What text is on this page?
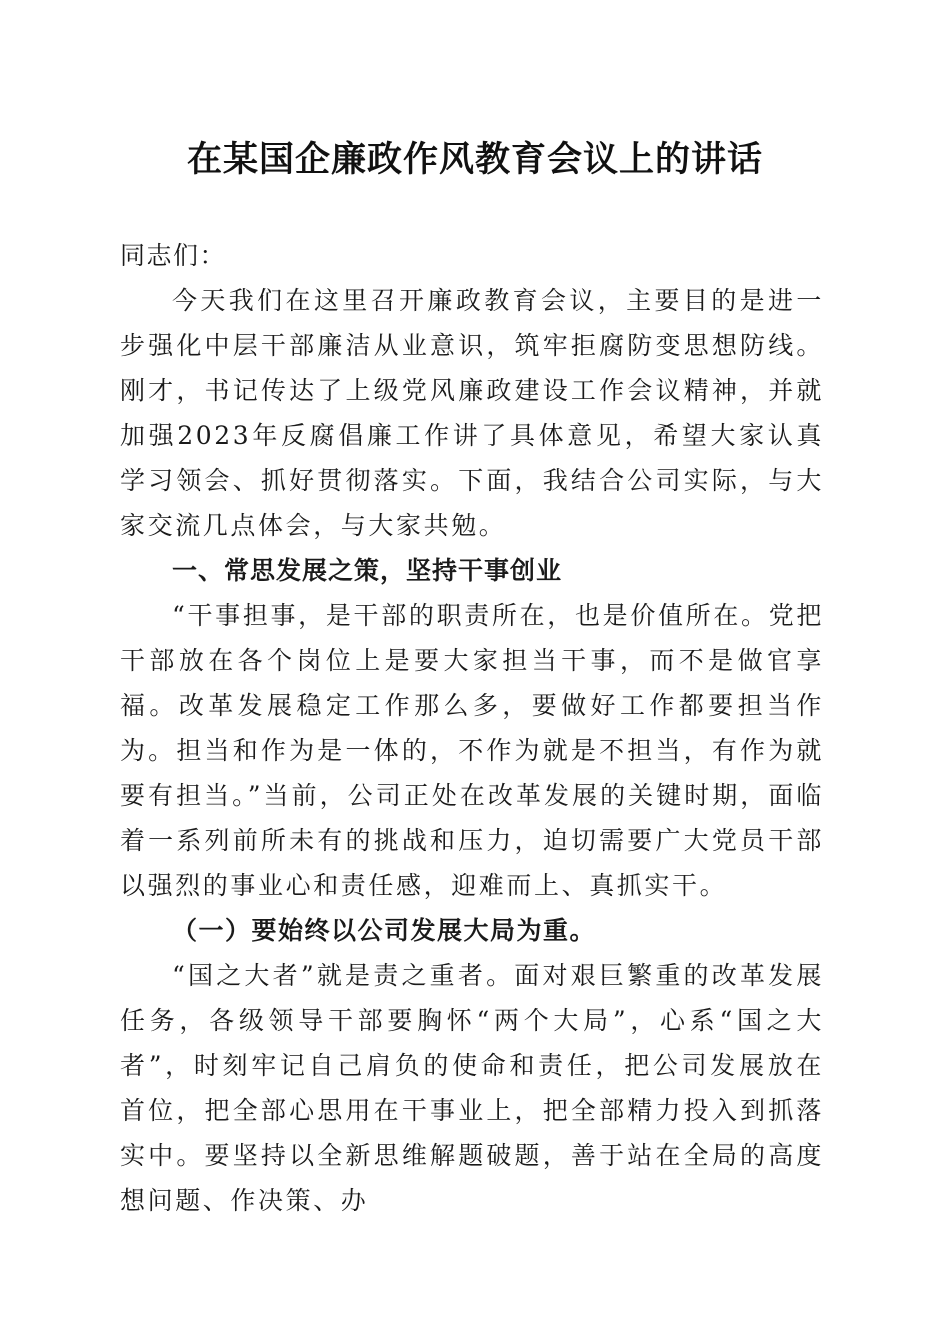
在某国企廉政作风教育会议上的讲话

同志们：

今天我们在这里召开廉政教育会议，主要目的是进一步强化中层干部廉洁从业意识，筑牢拒腐防变思想防线。刚才，书记传达了上级党风廉政建设工作会议精神，并就加强2023年反腐倡廉工作讲了具体意见，希望大家认真学习领会、抓好贯彻落实。下面，我结合公司实际，与大家交流几点体会，与大家共勉。

一、常思发展之策，坚持干事创业

“干事担事，是干部的职责所在，也是价值所在。党把干部放在各个岗位上是要大家担当干事，而不是做官享福。改革发展稳定工作那么多，要做好工作都要担当作为。担当和作为是一体的，不作为就是不担当，有作为就要有担当。”当前，公司正处在改革发展的关键时期，面临着一系列前所未有的挑战和压力，迫切需要广大党员干部以强烈的事业心和责任感，迎难而上、真抓实干。

（一）要始终以公司发展大局为重。

“国之大者”就是责之重者。面对艰巨繁重的改革发展任务，各级领导干部要胸怀“两个大局”，心系“国之大者”，时刻牢记自己肩负的使命和责任，把公司发展放在首位，把全部心思用在干事业上，把全部精力投入到抓落实中。要坚持以全新思维解题破题，善于站在全局的高度想问题、作决策、办
